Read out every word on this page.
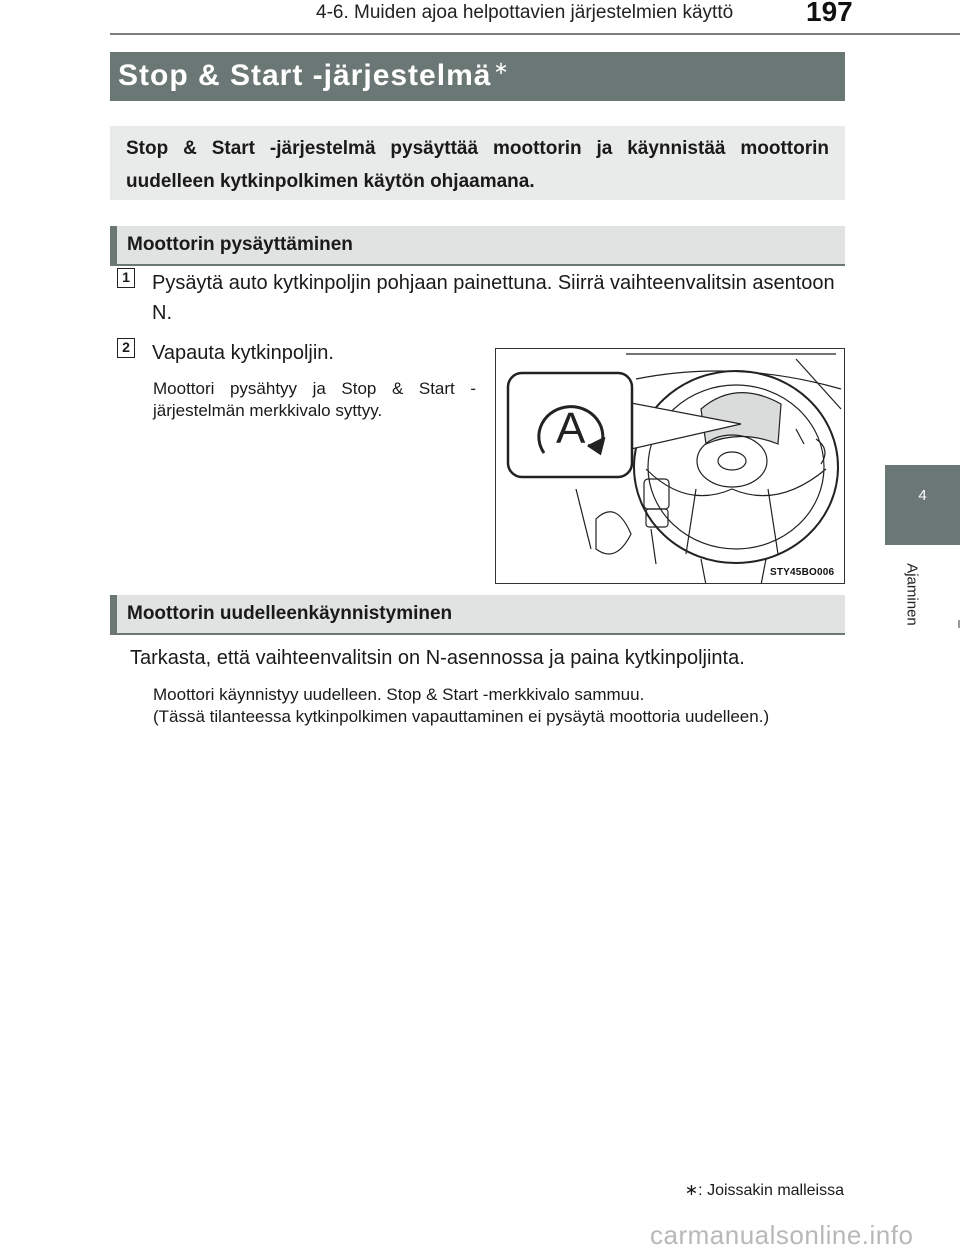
4-6. Muiden ajoa helpottavien järjestelmien käyttö	197
Stop & Start -järjestelmä ∗
Stop & Start -järjestelmä pysäyttää moottorin ja käynnistää moottorin uudelleen kytkinpolkimen käytön ohjaamana.
Moottorin pysäyttäminen
1 Pysäytä auto kytkinpoljin pohjaan painettuna. Siirrä vaihteenvalitsin asentoon N.
2 Vapauta kytkinpoljin.
Moottori pysähtyy ja Stop & Start -järjestelmän merkkivalo syttyy.	A
STY45BO006
Moottorin uudelleenkäynnistyminen
Tarkasta, että vaihteenvalitsin on N-asennossa ja paina kytkinpoljinta.
Moottori käynnistyy uudelleen. Stop & Start -merkkivalo sammuu.
(Tässä tilanteessa kytkinpolkimen vapauttaminen ei pysäytä moottoria uudelleen.)
4
Ajaminen
∗: Joissakin malleissa
carmanualsonline.info
